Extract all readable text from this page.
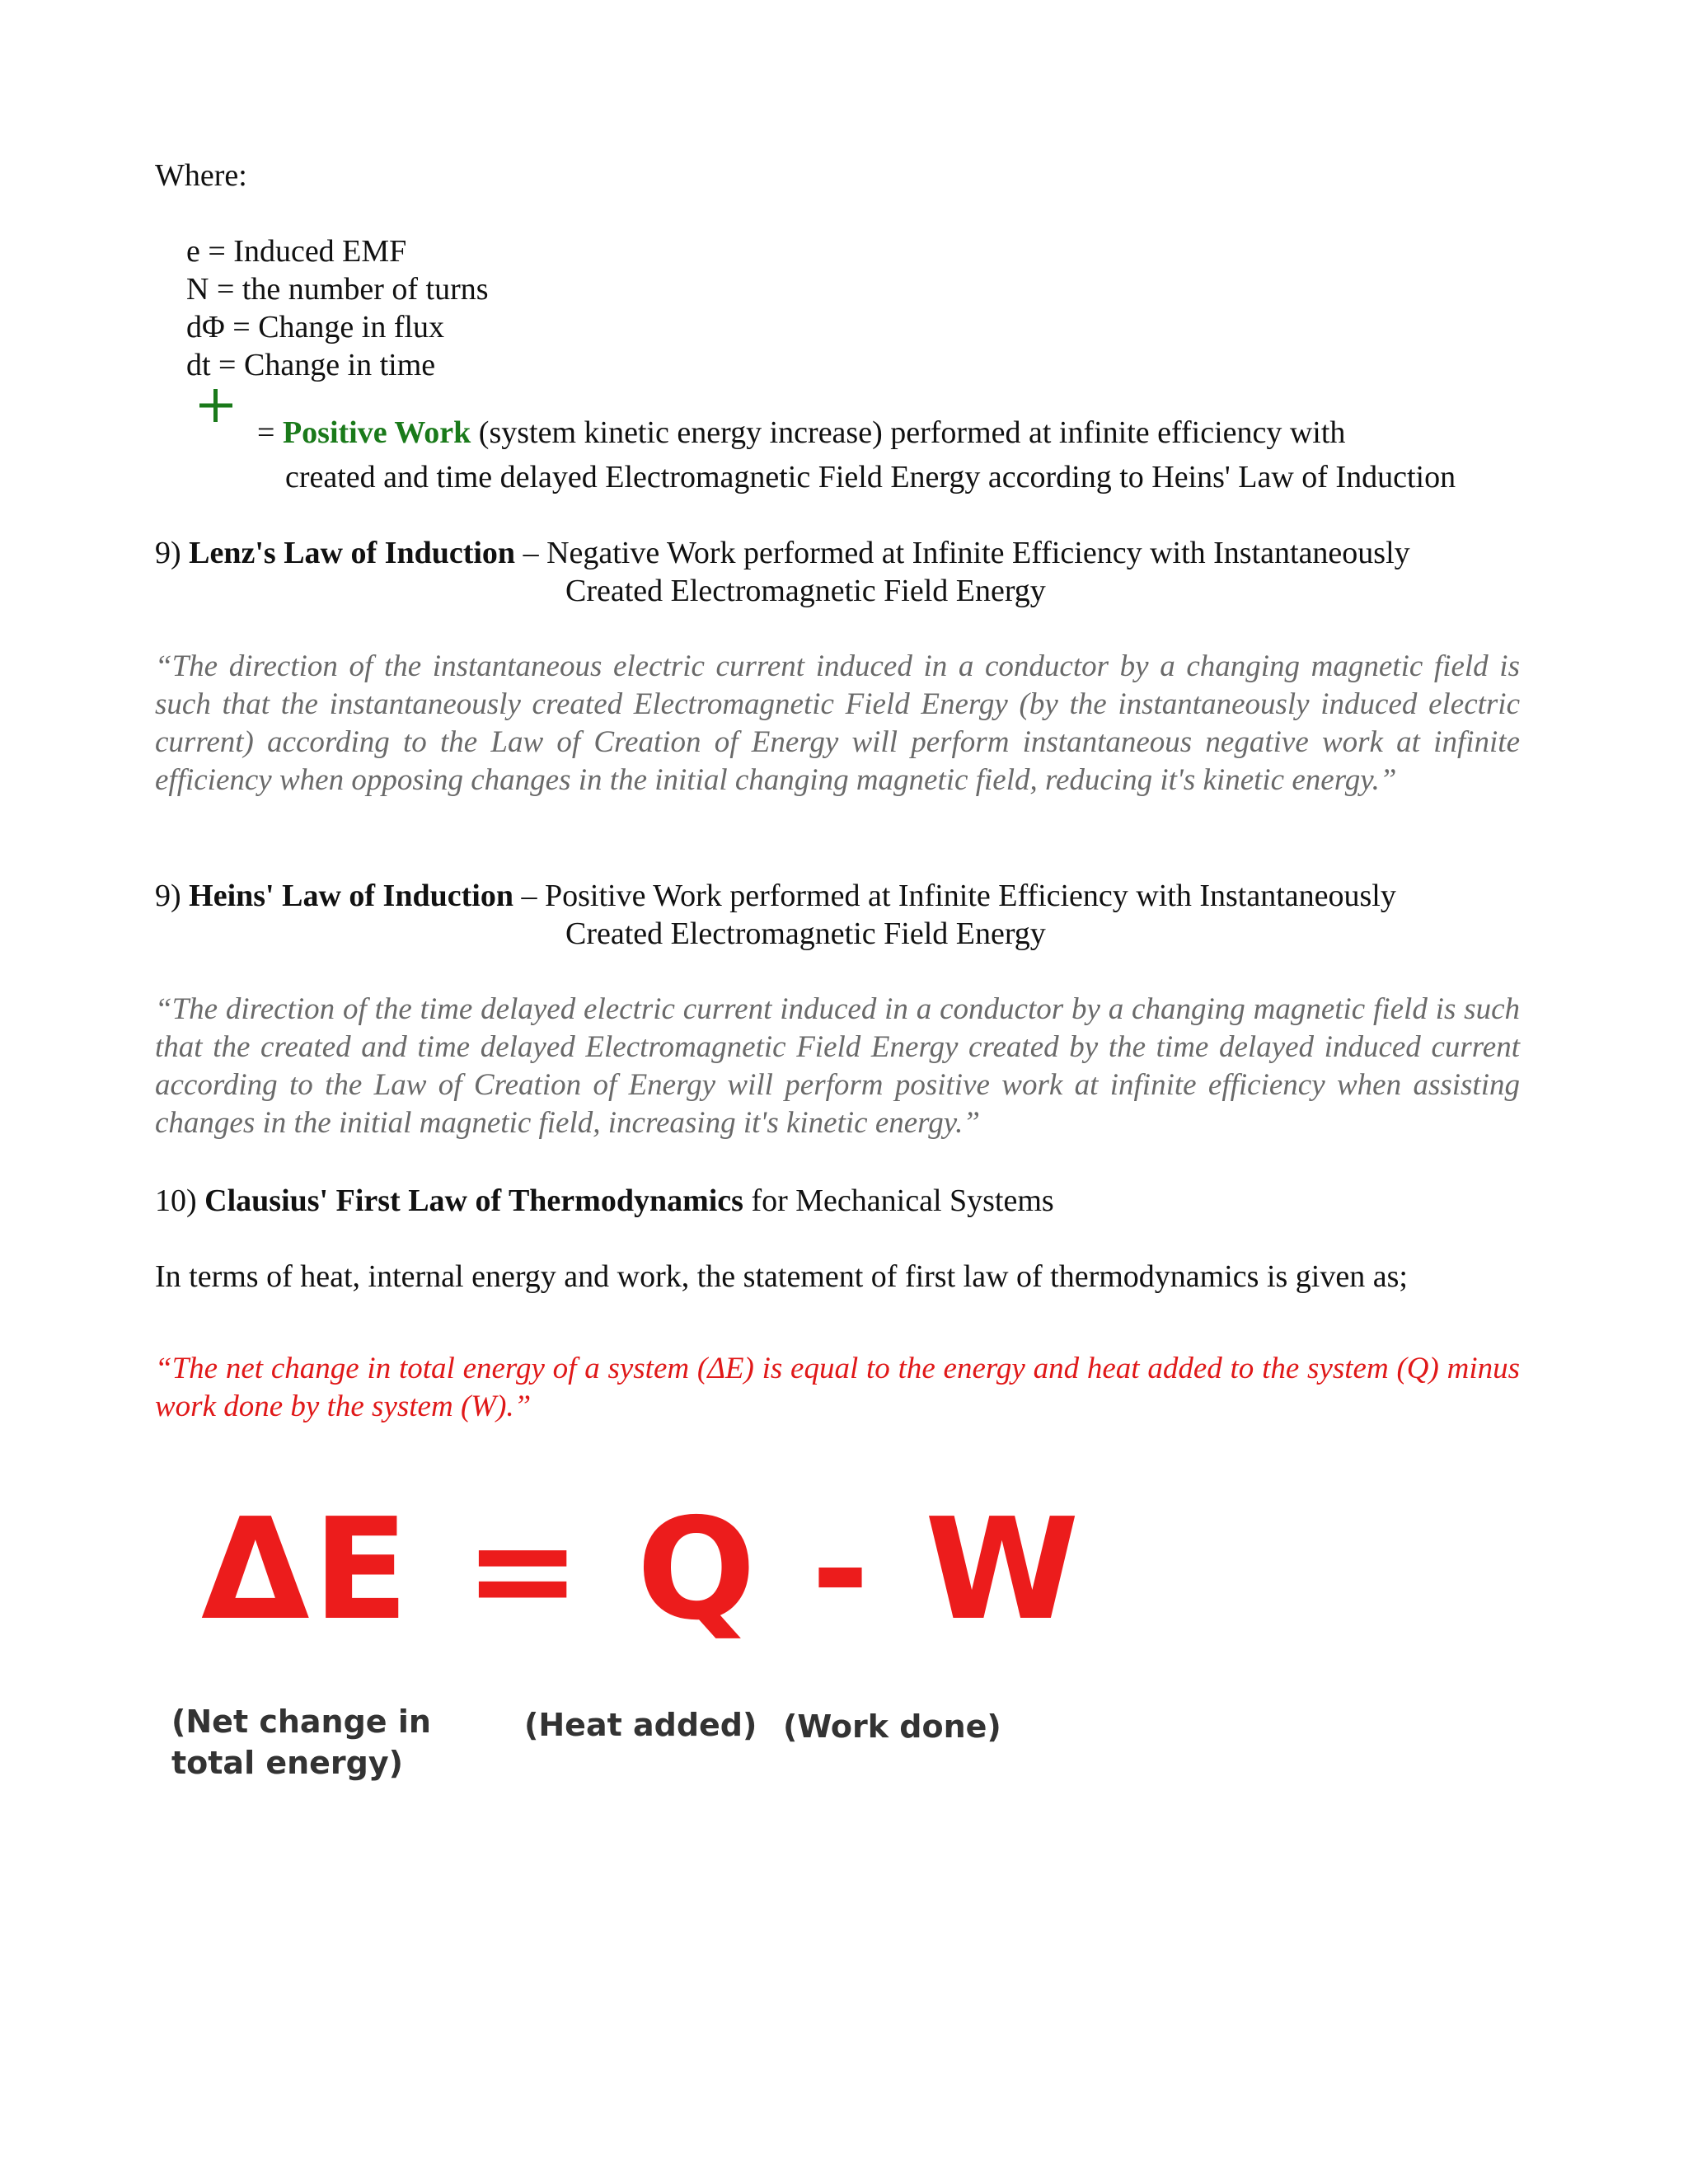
Where:
e = Induced EMF
N = the number of turns
dΦ = Change in flux
dt = Change in time
= Positive Work (system kinetic energy increase) performed at infinite efficiency with
created and time delayed Electromagnetic Field Energy according to Heins' Law of Induction
9) Lenz's Law of Induction – Negative Work performed at Infinite Efficiency with Instantaneously
Created Electromagnetic Field Energy
“The direction of the instantaneous electric current induced in a conductor by a changing magnetic field is such that the instantaneously created Electromagnetic Field Energy (by the instantaneously induced electric current) according to the Law of Creation of Energy will perform instantaneous negative work at infinite efficiency when opposing changes in the initial changing magnetic field, reducing it's kinetic energy.”
9) Heins' Law of Induction – Positive Work performed at Infinite Efficiency with Instantaneously
Created Electromagnetic Field Energy
“The direction of the time delayed electric current induced in a conductor by a changing magnetic field is such that the created and time delayed Electromagnetic Field Energy created by the time delayed induced current according to the Law of Creation of Energy will perform positive work at infinite efficiency when assisting changes in the initial magnetic field, increasing it's kinetic energy.”
10) Clausius' First Law of Thermodynamics for Mechanical Systems
In terms of heat, internal energy and work, the statement of first law of thermodynamics is given as;
“The net change in total energy of a system (ΔE) is equal to the energy and heat added to the system (Q) minus work done by the system (W).”
ΔE = Q - W
(Net change in
total energy)
(Heat added) (Work done)
